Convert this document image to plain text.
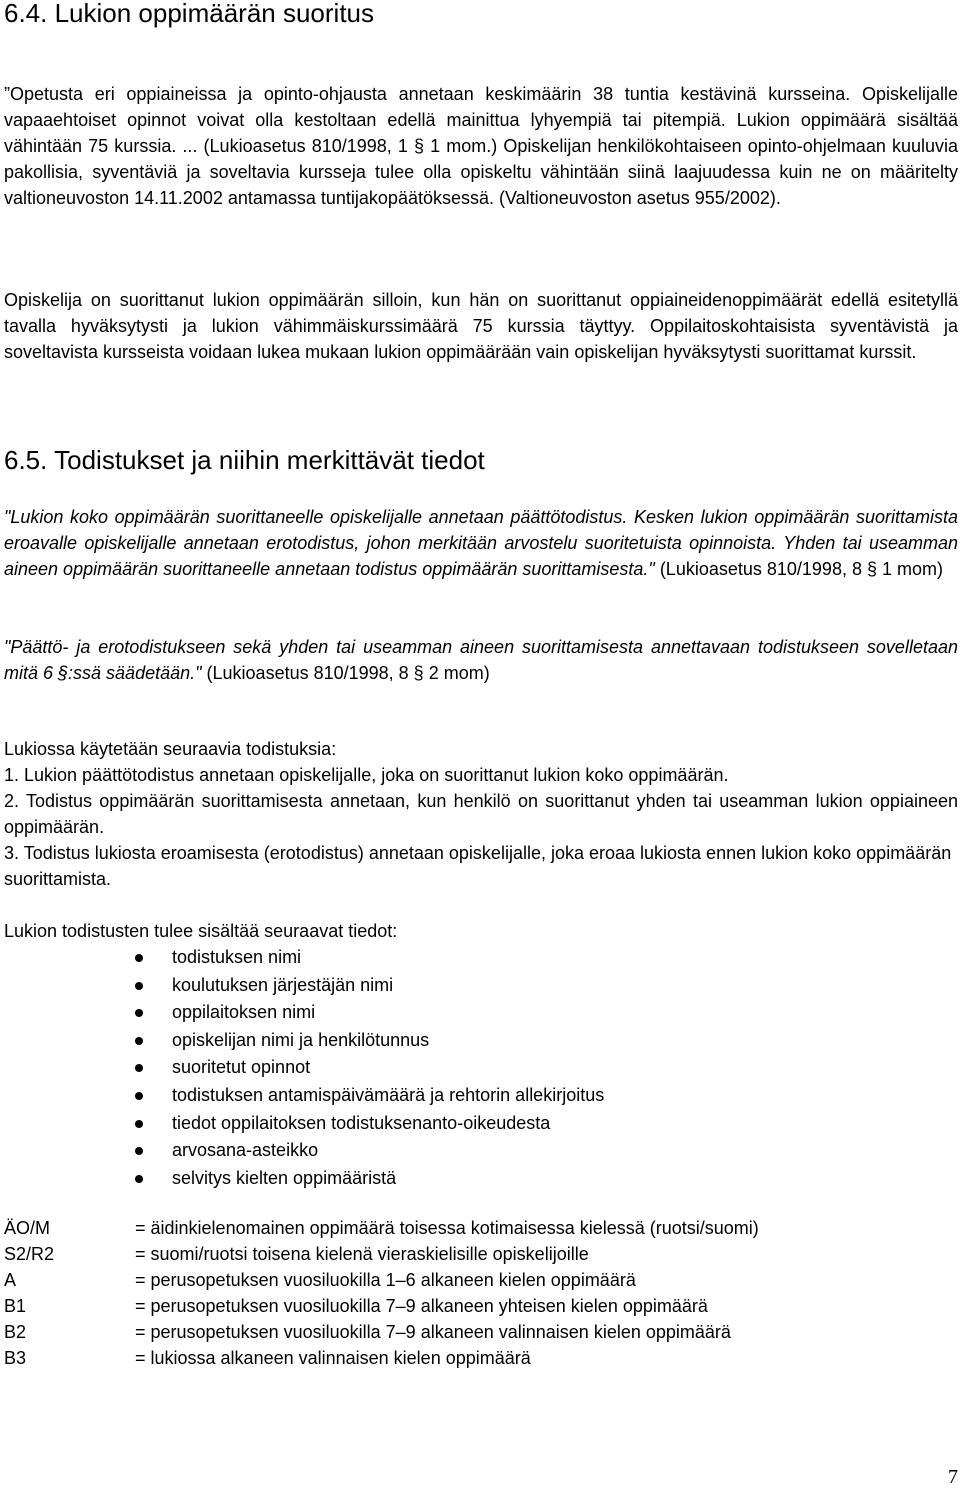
6.4. Lukion oppimäärän suoritus

”Opetusta eri oppiaineissa ja opinto-ohjausta annetaan keskimäärin 38 tuntia kestävinä kursseina. Opiskelijalle vapaaehtoiset opinnot voivat olla kestoltaan edellä mainittua lyhyempiä tai pitempiä. Lukion oppimäärä sisältää vähintään 75 kurssia. ... (Lukioasetus 810/1998, 1 § 1 mom.) Opiskelijan henkilökohtaiseen opinto-ohjelmaan kuuluvia pakollisia, syventäviä ja soveltavia kursseja tulee olla opiskeltu vähintään siinä laajuudessa kuin ne on määritelty valtioneuvoston 14.11.2002 antamassa tuntijakopäätöksessä. (Valtioneuvoston asetus 955/2002).

Opiskelija on suorittanut lukion oppimäärän silloin, kun hän on suorittanut oppiaineidenoppimäärät edellä esitetyllä tavalla hyväksytysti ja lukion vähimmäiskurssimäärä 75 kurssia täyttyy. Oppilaitoskohtaisista syventävistä ja soveltavista kursseista voidaan lukea mukaan lukion oppimäärään vain opiskelijan hyväksytysti suorittamat kurssit.

6.5. Todistukset ja niihin merkittävät tiedot

"Lukion koko oppimäärän suorittaneelle opiskelijalle annetaan päättötodistus. Kesken lukion oppimäärän suorittamista eroavalle opiskelijalle annetaan erotodistus, johon merkitään arvostelu suoritetuista opinnoista. Yhden tai useamman aineen oppimäärän suorittaneelle annetaan todistus oppimäärän suorittamisesta." (Lukioasetus 810/1998, 8 § 1 mom)

"Päättö- ja erotodistukseen sekä yhden tai useamman aineen suorittamisesta annettavaan todistukseen sovelletaan mitä 6 §:ssä säädetään." (Lukioasetus 810/1998, 8 § 2 mom)

Lukiossa käytetään seuraavia todistuksia:

1. Lukion päättötodistus annetaan opiskelijalle, joka on suorittanut lukion koko oppimäärän.

2. Todistus oppimäärän suorittamisesta annetaan, kun henkilö on suorittanut yhden tai useamman lukion oppiaineen oppimäärän.

3. Todistus lukiosta eroamisesta (erotodistus) annetaan opiskelijalle, joka eroaa lukiosta ennen lukion koko oppimäärän suorittamista.

Lukion todistusten tulee sisältää seuraavat tiedot:

todistuksen nimi
koulutuksen järjestäjän nimi
oppilaitoksen nimi
opiskelijan nimi ja henkilötunnus
suoritetut opinnot
todistuksen antamispäivämäärä ja rehtorin allekirjoitus
tiedot oppilaitoksen todistuksenanto-oikeudesta
arvosana-asteikko
selvitys kielten oppimääristä
ÄO/M	= äidinkielenomainen oppimäärä toisessa kotimaisessa kielessä (ruotsi/suomi)
S2/R2	= suomi/ruotsi toisena kielenä vieraskielisille opiskelijoille
A	= perusopetuksen vuosiluokilla 1–6 alkaneen kielen oppimäärä
B1	= perusopetuksen vuosiluokilla 7–9 alkaneen yhteisen kielen oppimäärä
B2	= perusopetuksen vuosiluokilla 7–9 alkaneen valinnaisen kielen oppimäärä
B3	= lukiossa alkaneen valinnaisen kielen oppimäärä
7
